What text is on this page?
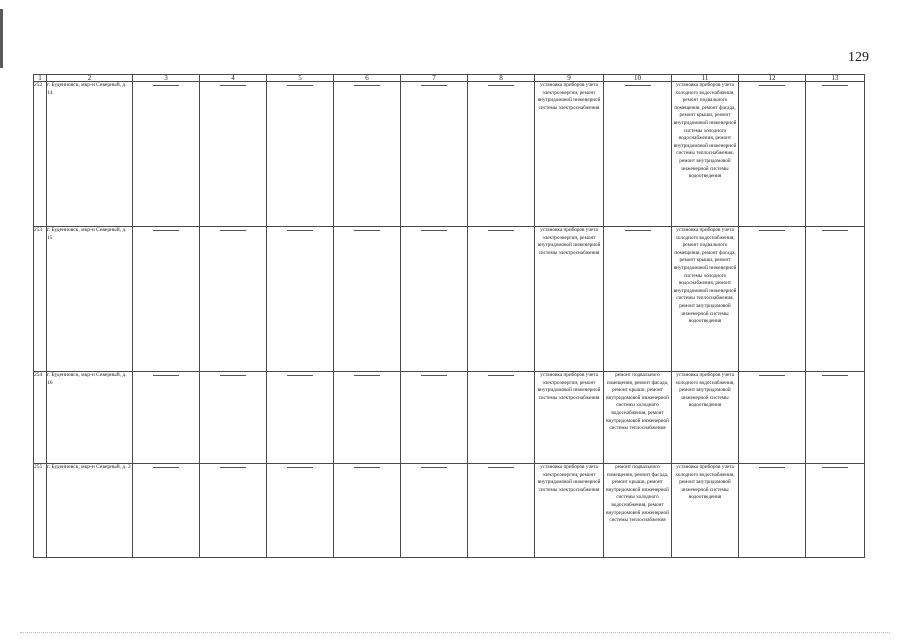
129
1	2	3	4	5	6	7	8	9	10	11	12	13
252	г. Буденновск, мкр-н Северный, д. 14							установка приборов учета электроэнергии, ремонт внутридомовой инженерной системы электроснабжения		установка приборов учета холодного водоснабжения, ремонт подвального помещения, ремонт фасада, ремонт крыши, ремонт внутридомовой инженерной системы холодного водоснабжения, ремонт внутридомовой инженерной системы теплоснабжения, ремонт внутридомовой инженерной системы водоотведения	

253	г. Буденновск, мкр-н Северный, д. 15							установка приборов учета электроэнергии, ремонт внутридомовой инженерной системы электроснабжения		установка приборов учета холодного водоснабжения, ремонт подвального помещения, ремонт фасада, ремонт крыши, ремонт внутридомовой инженерной системы холодного водоснабжения, ремонт внутридомовой инженерной системы теплоснабжения, ремонт внутридомовой инженерной системы водоотведения	

254	г. Буденновск, мкр-н Северный, д. 16							установка приборов учета электроэнергии, ремонт внутридомовой инженерной системы электроснабжения	ремонт подвального помещения, ремонт фасада, ремонт крыши, ремонт внутридомовой инженерной системы холодного водоснабжения, ремонт внутридомовой инженерной системы теплоснабжения	установка приборов учета холодного водоснабжения, ремонт внутридомовой инженерной системы водоотведения	

255	г. Буденновск, мкр-н Северный, д. 2							установка приборов учета электроэнергии, ремонт внутридомовой инженерной системы электроснабжения	ремонт подвального помещения, ремонт фасада, ремонт крыши, ремонт внутридомовой инженерной системы холодного водоснабжения, ремонт внутридомовой инженерной системы теплоснабжения	установка приборов учета холодного водоснабжения, ремонт внутридомовой инженерной системы водоотведения	
